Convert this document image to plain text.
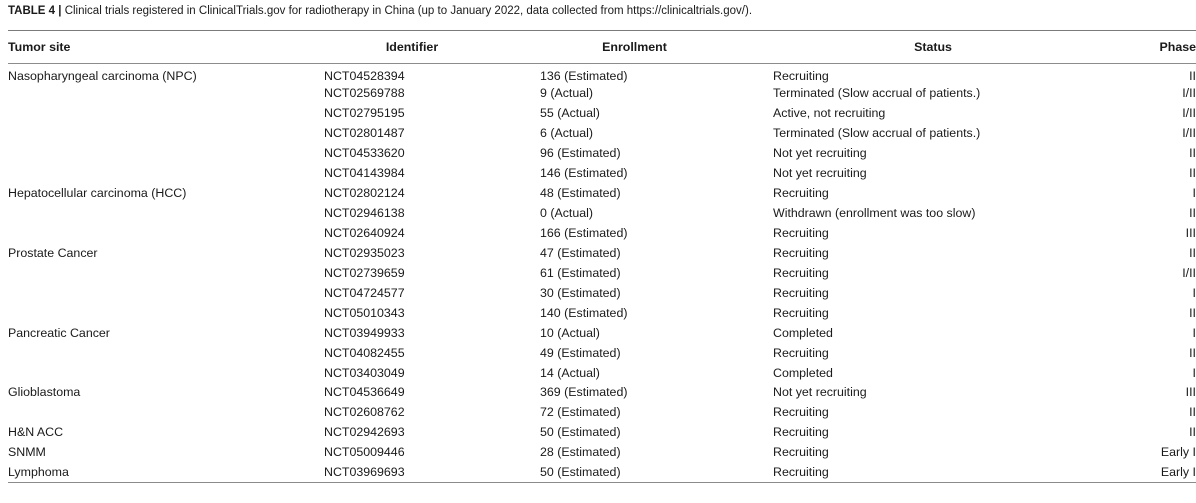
TABLE 4 | Clinical trials registered in ClinicalTrials.gov for radiotherapy in China (up to January 2022, data collected from https://clinicaltrials.gov/).
Tumor site	Identifier	Enrollment	Status	Phase
Nasopharyngeal carcinoma (NPC)	NCT04528394	136 (Estimated)	Recruiting	II
	NCT02569788	9 (Actual)	Terminated (Slow accrual of patients.)	I/II
	NCT02795195	55 (Actual)	Active, not recruiting	I/II
	NCT02801487	6 (Actual)	Terminated (Slow accrual of patients.)	I/II
	NCT04533620	96 (Estimated)	Not yet recruiting	II
	NCT04143984	146 (Estimated)	Not yet recruiting	II
Hepatocellular carcinoma (HCC)	NCT02802124	48 (Estimated)	Recruiting	I
	NCT02946138	0 (Actual)	Withdrawn (enrollment was too slow)	II
	NCT02640924	166 (Estimated)	Recruiting	III
Prostate Cancer	NCT02935023	47 (Estimated)	Recruiting	II
	NCT02739659	61 (Estimated)	Recruiting	I/II
	NCT04724577	30 (Estimated)	Recruiting	I
	NCT05010343	140 (Estimated)	Recruiting	II
Pancreatic Cancer	NCT03949933	10 (Actual)	Completed	I
	NCT04082455	49 (Estimated)	Recruiting	II
	NCT03403049	14 (Actual)	Completed	I
Glioblastoma	NCT04536649	369 (Estimated)	Not yet recruiting	III
	NCT02608762	72 (Estimated)	Recruiting	II
H&N ACC	NCT02942693	50 (Estimated)	Recruiting	II
SNMM	NCT05009446	28 (Estimated)	Recruiting	Early I
Lymphoma	NCT03969693	50 (Estimated)	Recruiting	Early I
